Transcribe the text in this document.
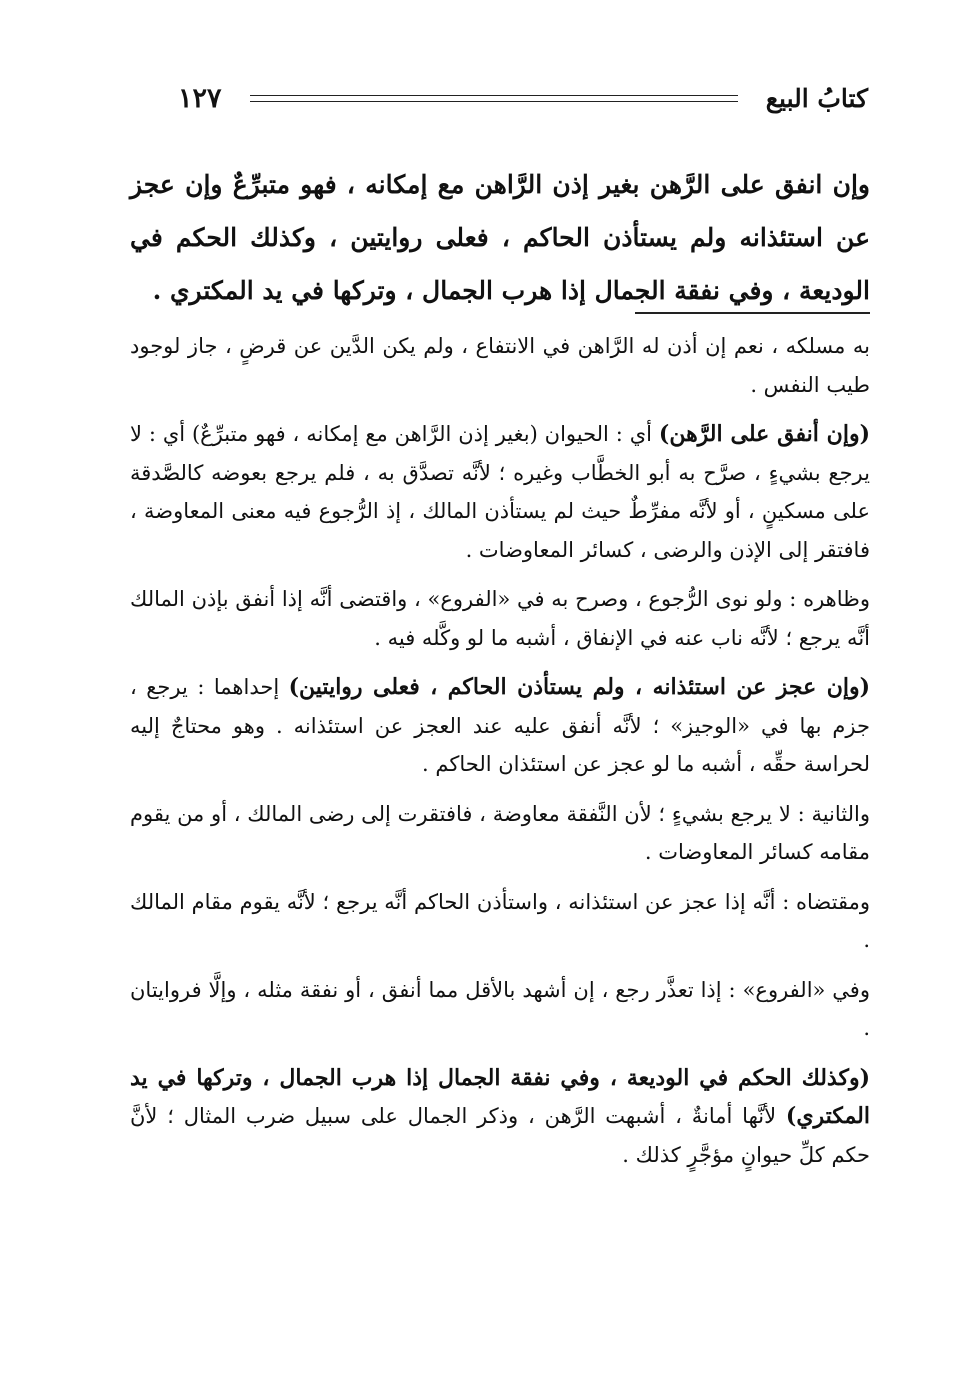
كتابُ البيع
١٢٧

وإن انفق على الرَّهن بغير إذن الرَّاهن مع إمكانه ، فهو متبرِّعٌ وإن عجز عن استئذانه ولم يستأذن الحاكم ، فعلى روايتين ، وكذلك الحكم في الوديعة ، وفي نفقة الجمال إذا هرب الجمال ، وتركها في يد المكتري .

به مسلكه ، نعم إن أذن له الرَّاهن في الانتفاع ، ولم يكن الدَّين عن قرضٍ ، جاز لوجود طيب النفس .

(وإن أنفق على الرَّهن) أي : الحيوان (بغير إذن الرَّاهن مع إمكانه ، فهو متبرِّعٌ) أي : لا يرجع بشيءٍ ، صرَّح به أبو الخطَّاب وغيره ؛ لأنَّه تصدَّق به ، فلم يرجع بعوضه كالصَّدقة على مسكينٍ ، أو لأنَّه مفرِّطٌ حيث لم يستأذن المالك ، إذ الرُّجوع فيه معنى المعاوضة ، فافتقر إلى الإذن والرضى ، كسائر المعاوضات .

وظاهره : ولو نوى الرُّجوع ، وصرح به في «الفروع» ، واقتضى أنَّه إذا أنفق بإذن المالك أنَّه يرجع ؛ لأنَّه ناب عنه في الإنفاق ، أشبه ما لو وكَّله فيه .

(وإن عجز عن استئذانه ، ولم يستأذن الحاكم ، فعلى روايتين) إحداهما : يرجع ، جزم بها في «الوجيز» ؛ لأنَّه أنفق عليه عند العجز عن استئذانه . وهو محتاجٌ إليه لحراسة حقِّه ، أشبه ما لو عجز عن استئذان الحاكم .

والثانية : لا يرجع بشيءٍ ؛ لأن النَّفقة معاوضة ، فافتقرت إلى رضى المالك ، أو من يقوم مقامه كسائر المعاوضات .

ومقتضاه : أنَّه إذا عجز عن استئذانه ، واستأذن الحاكم أنَّه يرجع ؛ لأنَّه يقوم مقام المالك .

وفي «الفروع» : إذا تعذَّر رجع ، إن أشهد بالأقل مما أنفق ، أو نفقة مثله ، وإلَّا فروايتان .

(وكذلك الحكم في الوديعة ، وفي نفقة الجمال إذا هرب الجمال ، وتركها في يد المكتري) لأنَّها أمانةٌ ، أشبهت الرَّهن ، وذكر الجمال على سبيل ضرب المثال ؛ لأنَّ حكم كلِّ حيوانٍ مؤجَّرٍ كذلك .
